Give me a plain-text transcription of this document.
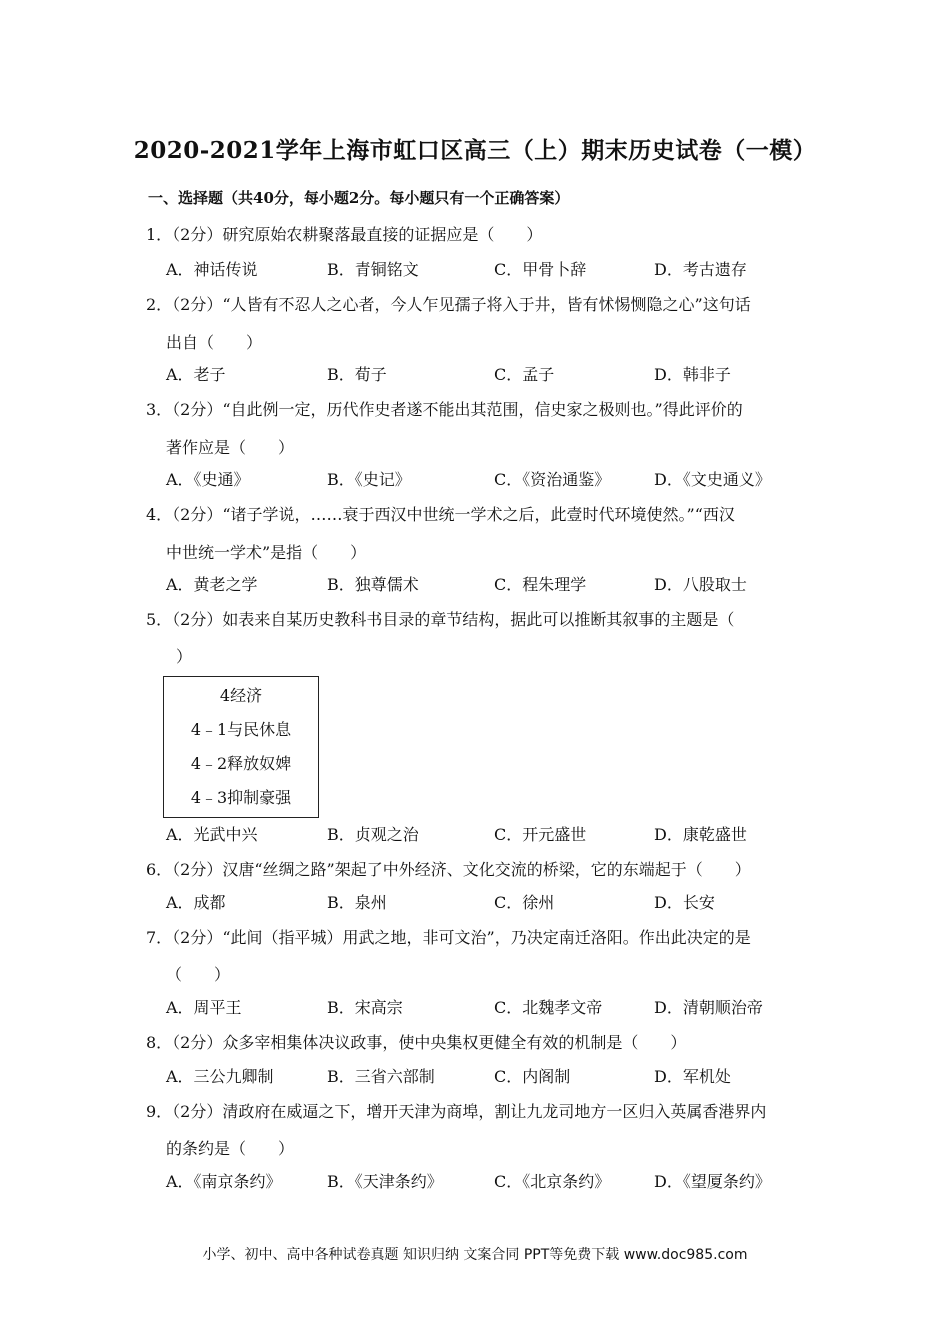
2020-2021学年上海市虹口区高三（上）期末历史试卷（一模）
一、选择题（共40分，每小题2分。每小题只有一个正确答案）
1．（2分）研究原始农耕聚落最直接的证据应是（　　）
A．神话传说	B．青铜铭文	C．甲骨卜辞	D．考古遗存
2．（2分）“人皆有不忍人之心者，今人乍见孺子将入于井，皆有怵惕恻隐之心”这句话
出自（　　）
A．老子	B．荀子	C．孟子	D．韩非子
3．（2分）“自此例一定，历代作史者遂不能出其范围，信史家之极则也。”得此评价的
著作应是（　　）
A．《史通》	B．《史记》	C．《资治通鉴》	D．《文史通义》
4．（2分）“诸子学说，……衰于西汉中世统一学术之后，此壹时代环境使然。”“西汉
中世统一学术”是指（　　）
A．黄老之学	B．独尊儒术	C．程朱理学	D．八股取士
5．（2分）如表来自某历史教科书目录的章节结构，据此可以推断其叙事的主题是（
）
4经济
4﹣1与民休息
4﹣2释放奴婢
4﹣3抑制豪强
A．光武中兴	B．贞观之治	C．开元盛世	D．康乾盛世
6．（2分）汉唐“丝绸之路”架起了中外经济、文化交流的桥梁，它的东端起于（　　）
A．成都	B．泉州	C．徐州	D．长安
7．（2分）“此间（指平城）用武之地，非可文治”，乃决定南迁洛阳。作出此决定的是
（　　）
A．周平王	B．宋高宗	C．北魏孝文帝	D．清朝顺治帝
8．（2分）众多宰相集体决议政事，使中央集权更健全有效的机制是（　　）
A．三公九卿制	B．三省六部制	C．内阁制	D．军机处
9．（2分）清政府在威逼之下，增开天津为商埠，割让九龙司地方一区归入英属香港界内
的条约是（　　）
A．《南京条约》	B．《天津条约》	C．《北京条约》	D．《望厦条约》
小学、初中、高中各种试卷真题 知识归纳 文案合同 PPT等免费下载 www.doc985.com
